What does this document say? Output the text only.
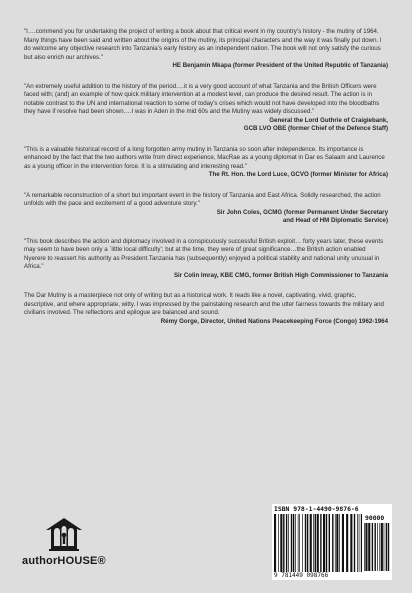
"I….commend you for undertaking the project of writing a book about that critical event in my country’s history - the mutiny of 1964. Many things have been said and written about the origins of the mutiny, its principal characters and the way it was finally put down. I do welcome any objective research into Tanzania’s early history as an independent nation. The book will not only satisfy the curious but also enrich our archives."

HE Benjamin Mkapa (former President of the United Republic of Tanzania)

"An extremely useful addition to the history of the period….it is a very good account of what Tanzania and the British Officers were faced with; (and) an example of how quick military intervention at a modest level, can produce the desired result. The action is in notable contrast to the UN and international reaction to some of today’s crises which would not have developed into the bloodbaths they have if resolve had been shown….I was in Aden in the mid 60s and the Mutiny was widely discussed."

General the Lord Guthrie of Craigiebank,

GCB LVO OBE (former Chief of the Defence Staff)

"This is a valuable historical record of a long forgotten army mutiny in Tanzania so soon after independence. Its importance is enhanced by the fact that the two authors write from direct experience, MacRae as a young diplomat in Dar es Salaam and Laurence as a young officer in the intervention force. It is a stimulating and interesting read."

The Rt. Hon. the Lord Luce, GCVO (former Minister for Africa)

"A remarkable reconstruction of a short but important event in the history of Tanzania and East Africa. Solidly researched, the action unfolds with the pace and excitement of a good adventure story."

Sir John Coles, GCMG (former Permanent Under Secretary

and Head of HM Diplomatic Service)

"This book describes the action and diplomacy involved in a conspicuously successful British exploit… forty years later, these events may seem to have been only a `little local difficulty’; but at the time, they were of great significance…the British action enabled Nyerere to reassert his authority as President.Tanzania has (subsequently) enjoyed a political stability and national unity unusual in Africa."

Sir Colin Imray, KBE CMG, former British High Commissioner to Tanzania

The Dar Mutiny is a masterpiece not only of writing but as a historical work. It reads like a novel, captivating, vivid, graphic, descriptive, and where appropriate, witty. I was impressed by the painstaking research and the utter fairness towards the military and civilians involved. The reflections and epilogue are balanced and sound.

Rémy Gorge, Director, United Nations Peacekeeping Force (Congo) 1962-1964

authorHOUSE®
ISBN 978-1-4490-9876-6
90000
9 781449 098766
